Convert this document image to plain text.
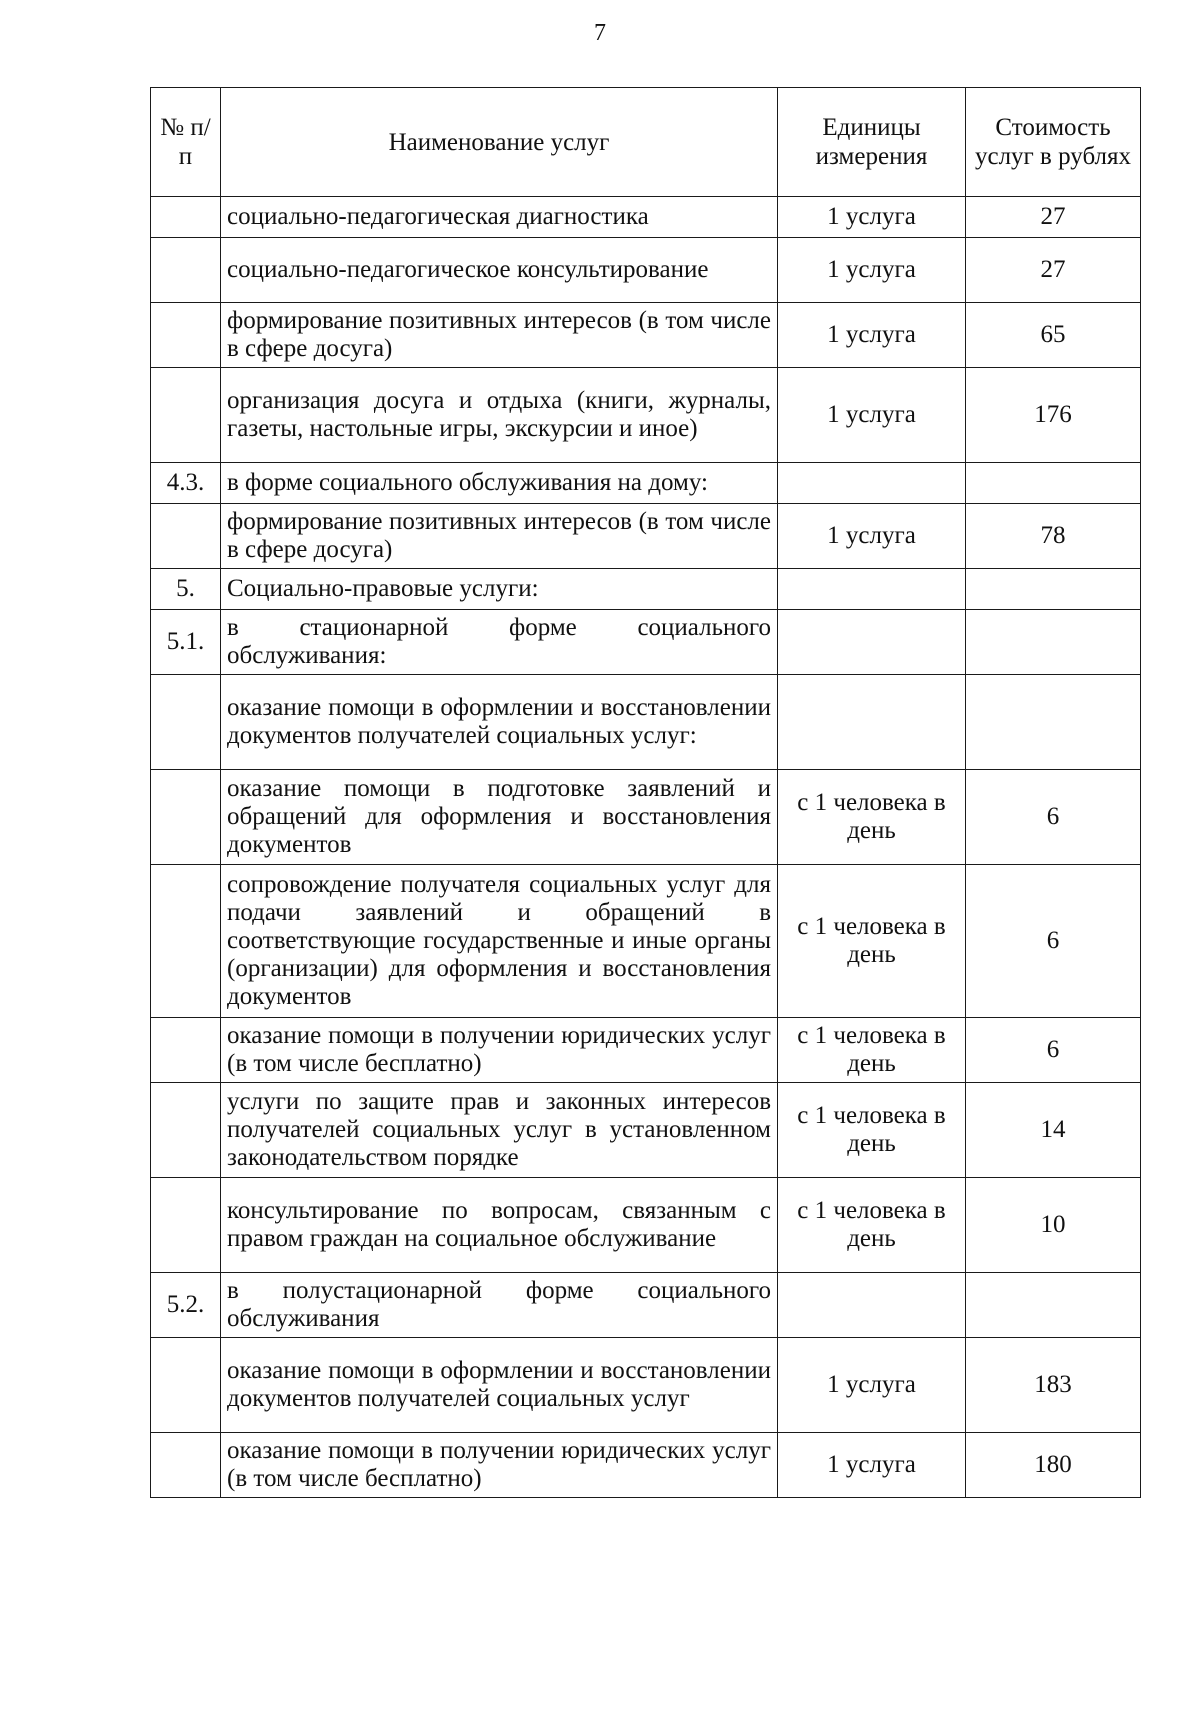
7
№ п/п	Наименование услуг	Единицы измерения	Стоимость услуг в рублях
	социально-педагогическая диагностика	1 услуга	27
	социально-педагогическое консультирование	1 услуга	27
	формирование позитивных интересов (в том числе в сфере досуга)	1 услуга	65
	организация досуга и отдыха (книги, журналы, газеты, настольные игры, экскурсии и иное)	1 услуга	176
4.3.	в форме социального обслуживания на дому:		
	формирование позитивных интересов (в том числе в сфере досуга)	1 услуга	78
5.	Социально-правовые услуги:		
5.1.	в стационарной форме социального обслуживания:		
	оказание помощи в оформлении и восстановлении документов получателей социальных услуг:		
	оказание помощи в подготовке заявлений и обращений для оформления и восстановления документов	с 1 человека в день	6
	сопровождение получателя социальных услуг для подачи заявлений и обращений в соответствующие государственные и иные органы (организации) для оформления и восстановления документов	с 1 человека в день	6
	оказание помощи в получении юридических услуг (в том числе бесплатно)	с 1 человека в день	6
	услуги по защите прав и законных интересов получателей социальных услуг в установленном законодательством порядке	с 1 человека в день	14
	консультирование по вопросам, связанным с правом граждан на социальное обслуживание	с 1 человека в день	10
5.2.	в полустационарной форме социального обслуживания		
	оказание помощи в оформлении и восстановлении документов получателей социальных услуг	1 услуга	183
	оказание помощи в получении юридических услуг (в том числе бесплатно)	1 услуга	180
